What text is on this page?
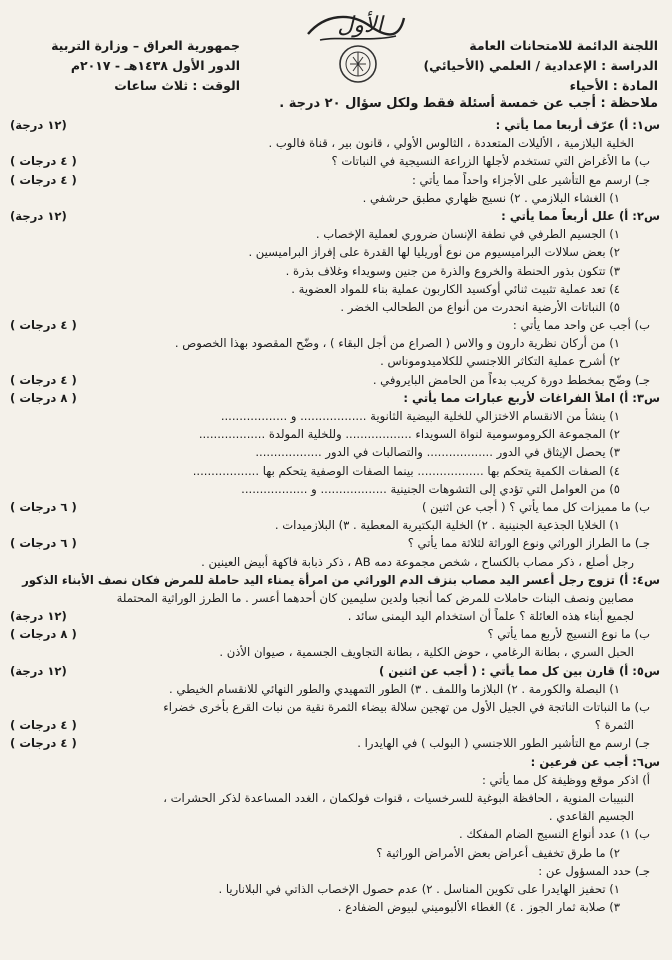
اللجنة الدائمة للامتحانات العامة
الدراسة : الإعدادية / العلمي (الأحيائي)
المادة : الأحياء
الأول
جمهورية العراق – وزارة التربية
الدور الأول ١٤٣٨هـ - ٢٠١٧م
الوقت : ثلاث ساعات
ملاحظة : أجب عن خمسة أسئلة فقط ولكل سؤال ٢٠ درجة .
س١: أ) عرّف أربعا مما يأتي :
(١٢ درجة)
الخلية البلازمية ، الأليلات المتعددة ، الثالوس الأولي ، قانون بير ، قناة فالوب .
ب) ما الأغراض التي تستخدم لأجلها الزراعة النسيجية في النباتات ؟
( ٤ درجات )
جـ) ارسم مع التأشير على الأجزاء واحداً مما يأتي :
( ٤ درجات )
١) الغشاء البلازمي . ٢) نسيج ظهاري مطبق حرشفي .
س٢: أ) علل أربعاً مما يأتي :
(١٢ درجة)
١) الجسيم الطرفي في نطفة الإنسان ضروري لعملية الإخصاب .
٢) بعض سلالات البراميسيوم من نوع أوريليا لها القدرة على إفراز البراميسين .
٣) تتكون بذور الحنطة والخروع والذرة من جنين وسويداء وغلاف بذرة .
٤) تعد عملية تثبيت ثنائي أوكسيد الكاربون عملية بناء للمواد العضوية .
٥) النباتات الأرضية انحدرت من أنواع من الطحالب الخضر .
ب) أجب عن واحد مما يأتي :
( ٤ درجات )
١) من أركان نظرية دارون و والاس ( الصراع من أجل البقاء ) ، وضّح المقصود بهذا الخصوص .
٢) أشرح عملية التكاثر اللاجنسي للكلاميدوموناس .
جـ) وضّح بمخطط دورة كريب بدءاً من الحامض البايروفي .
( ٤ درجات )
س٣: أ) املأ الفراغات لأربع عبارات مما يأتي :
( ٨ درجات )
١) ينشأ من الانقسام الاختزالي للخلية البيضية الثانوية .................. و ..................
٢) المجموعة الكروموسومية لنواة السويداء .................. وللخلية المولدة ..................
٣) يحصل الإيثاق في الدور .................. والتصالبات في الدور ..................
٤) الصفات الكمية يتحكم بها .................. بينما الصفات الوصفية يتحكم بها ..................
٥) من العوامل التي تؤدي إلى التشوهات الجنينية .................. و ..................
ب) ما مميزات كل مما يأتي ؟ ( أجب عن اثنين )
( ٦ درجات )
١) الخلايا الجذعية الجنينية . ٢) الخلية البكتيرية المعطية . ٣) البلازميدات .
جـ) ما الطراز الوراثي ونوع الوراثة لثلاثة مما يأتي ؟
( ٦ درجات )
رجل أصلع ، ذكر مصاب بالكساح ، شخص مجموعة دمه AB ، ذكر ذبابة فاكهة أبيض العينين .
س٤: أ) تزوج رجل أعسر اليد مصاب بنزف الدم الوراثي من امرأة يمناء اليد حاملة للمرض فكان نصف الأبناء الذكور
مصابين ونصف البنات حاملات للمرض كما أنجبا ولدين سليمين كان أحدهما أعسر . ما الطرز الوراثية المحتملة
لجميع أبناء هذه العائلة ؟ علماً أن استخدام اليد اليمنى سائد .
(١٢ درجة)
ب) ما نوع النسيج لأربع مما يأتي ؟
( ٨ درجات )
الحبل السري ، بطانة الرغامي ، حوض الكلية ، بطانة التجاويف الجسمية ، صيوان الأذن .
س٥: أ) قارن بين كل مما يأتي : ( أجب عن اثنين )
(١٢ درجة)
١) البصلة والكورمة . ٢) البلازما واللمف . ٣) الطور التمهيدي والطور النهائي للانقسام الخيطي .
ب) ما النباتات الناتجة في الجيل الأول من تهجين سلالة بيضاء الثمرة نقية من نبات القرع بأخرى خضراء
الثمرة ؟
( ٤ درجات )
جـ) ارسم مع التأشير الطور اللاجنسي ( البولب ) في الهايدرا .
( ٤ درجات )
س٦: أجب عن فرعين :
أ) اذكر موقع ووظيفة كل مما يأتي :
النبيبات المنوية ، الحافظة البوغية للسرخسيات ، قنوات فولكمان ، الغدد المساعدة لذكر الحشرات ،
الجسيم القاعدي .
ب) ١) عدد أنواع النسيج الضام المفكك .
٢) ما طرق تخفيف أعراض بعض الأمراض الوراثية ؟
جـ) حدد المسؤول عن :
١) تحفيز الهايدرا على تكوين المناسل . ٢) عدم حصول الإخصاب الذاتي في البلاناريا .
٣) صلابة ثمار الجوز . ٤) الغطاء الألبوميني لبيوض الضفادع .
